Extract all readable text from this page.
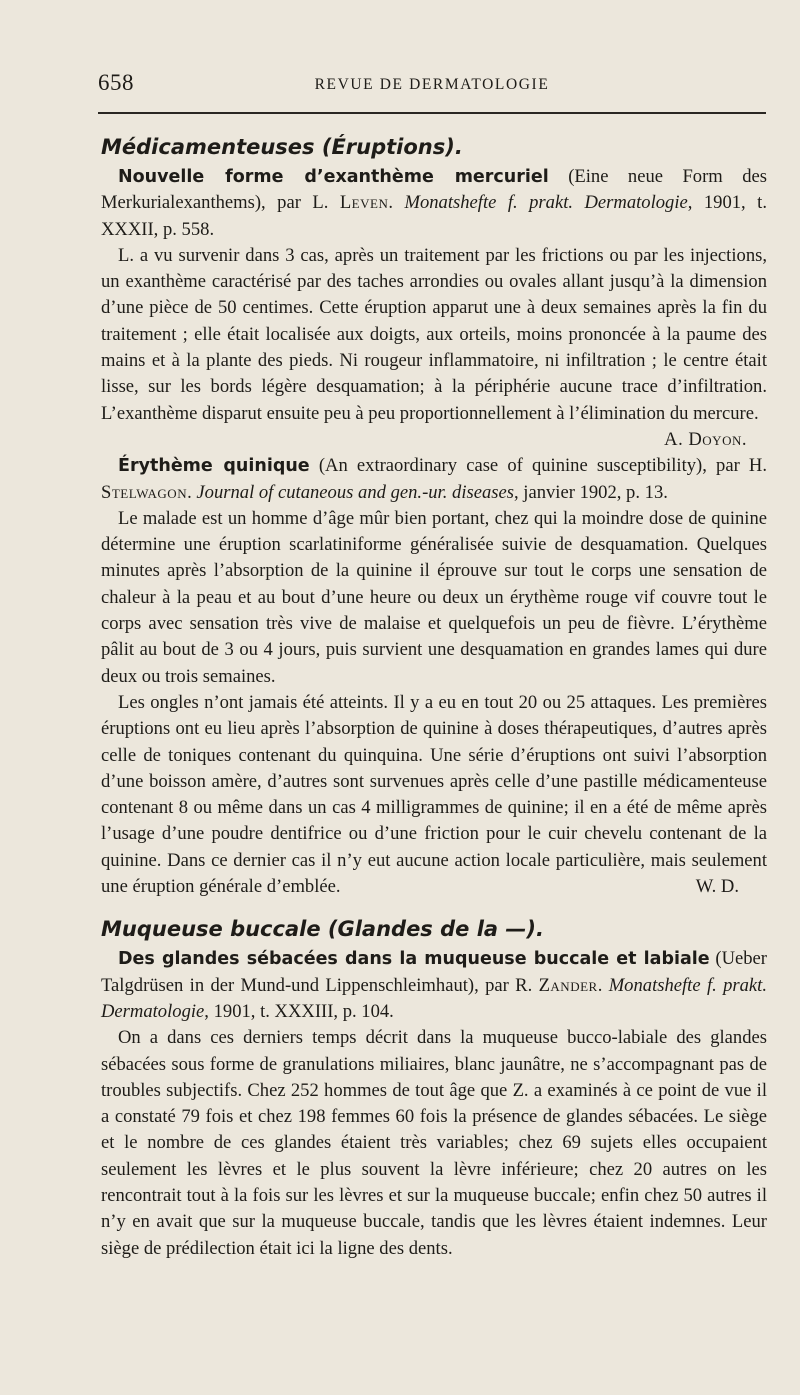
658	REVUE DE DERMATOLOGIE
Médicamenteuses (Éruptions).

Nouvelle forme d’exanthème mercuriel (Eine neue Form des Merkurialexanthems), par L. Leven. Monatshefte f. prakt. Dermatologie, 1901, t. XXXII, p. 558.

L. a vu survenir dans 3 cas, après un traitement par les frictions ou par les injections, un exanthème caractérisé par des taches arrondies ou ovales allant jusqu’à la dimension d’une pièce de 50 centimes. Cette éruption apparut une à deux semaines après la fin du traitement ; elle était localisée aux doigts, aux orteils, moins prononcée à la paume des mains et à la plante des pieds. Ni rougeur inflammatoire, ni infiltration ; le centre était lisse, sur les bords légère desquamation; à la périphérie aucune trace d’infiltration. L’exanthème disparut ensuite peu à peu proportionnellement à l’élimination du mercure.
A. Doyon.

Érythème quinique (An extraordinary case of quinine susceptibility), par H. Stelwagon. Journal of cutaneous and gen.-ur. diseases, janvier 1902, p. 13.

Le malade est un homme d’âge mûr bien portant, chez qui la moindre dose de quinine détermine une éruption scarlatiniforme généralisée suivie de desquamation. Quelques minutes après l’absorption de la quinine il éprouve sur tout le corps une sensation de chaleur à la peau et au bout d’une heure ou deux un érythème rouge vif couvre tout le corps avec sensation très vive de malaise et quelquefois un peu de fièvre. L’érythème pâlit au bout de 3 ou 4 jours, puis survient une desquamation en grandes lames qui dure deux ou trois semaines.

Les ongles n’ont jamais été atteints. Il y a eu en tout 20 ou 25 attaques. Les premières éruptions ont eu lieu après l’absorption de quinine à doses thérapeutiques, d’autres après celle de toniques contenant du quinquina. Une série d’éruptions ont suivi l’absorption d’une boisson amère, d’autres sont survenues après celle d’une pastille médicamenteuse contenant 8 ou même dans un cas 4 milligrammes de quinine; il en a été de même après l’usage d’une poudre dentifrice ou d’une friction pour le cuir chevelu contenant de la quinine. Dans ce dernier cas il n’y eut aucune action locale particulière, mais seulement une éruption générale d’emblée.	W. D.

Muqueuse buccale (Glandes de la —).

Des glandes sébacées dans la muqueuse buccale et labiale (Ueber Talgdrüsen in der Mund-und Lippenschleimhaut), par R. Zander. Monatshefte f. prakt. Dermatologie, 1901, t. XXXIII, p. 104.

On a dans ces derniers temps décrit dans la muqueuse bucco-labiale des glandes sébacées sous forme de granulations miliaires, blanc jaunâtre, ne s’accompagnant pas de troubles subjectifs. Chez 252 hommes de tout âge que Z. a examinés à ce point de vue il a constaté 79 fois et chez 198 femmes 60 fois la présence de glandes sébacées. Le siège et le nombre de ces glandes étaient très variables; chez 69 sujets elles occupaient seulement les lèvres et le plus souvent la lèvre inférieure; chez 20 autres on les rencontrait tout à la fois sur les lèvres et sur la muqueuse buccale; enfin chez 50 autres il n’y en avait que sur la muqueuse buccale, tandis que les lèvres étaient indemnes. Leur siège de prédilection était ici la ligne des dents.
